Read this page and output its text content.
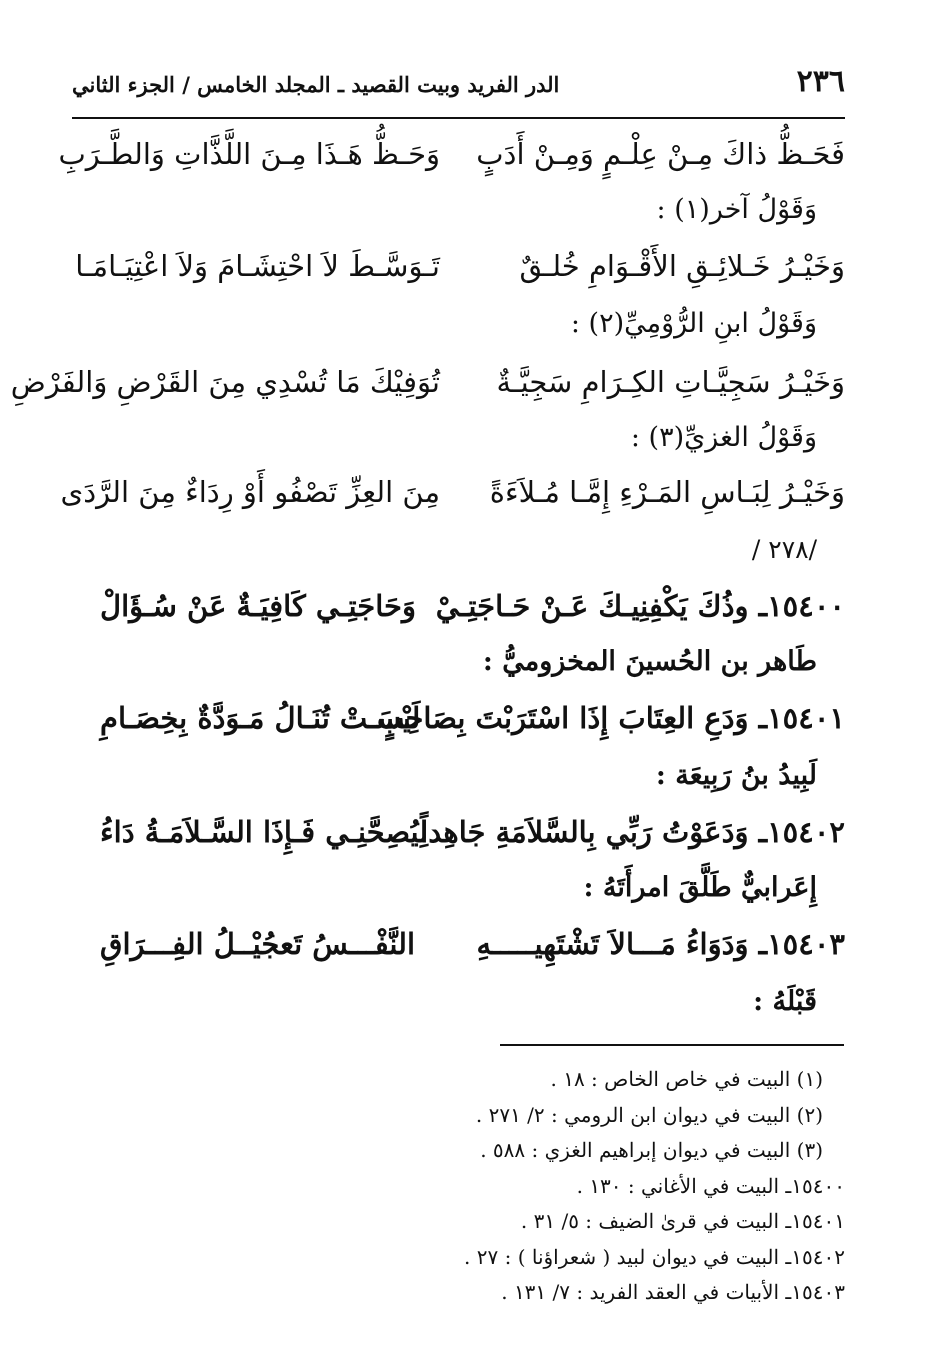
٢٣٦
الدر الفريد وبيت القصيد ـ المجلد الخامس / الجزء الثاني
فَحَـظُّ ذاكَ مِـنْ عِلْـمٍ وَمِـنْ أَدَبٍ
وَحَـظُّ هَـذَا مِـنَ اللَّذَّاتِ وَالطَّـرَبِ
وَقَوْلُ آخر(١) :
وَخَيْـرُ خَـلائِـقِ الأَقْـوَامِ خُلـقٌ
تَـوَسَّـطَ لاَ احْتِشَـامَ وَلاَ اعْتِيَـامَـا
وَقَوْلُ ابنِ الرُّوْمِيِّ(٢) :
وَخَيْـرُ سَجِيَّـاتِ الكِـرَامِ سَجِيَّـةٌ
تُوَفِيْكَ مَا تُسْدِي مِنَ القَرْضِ وَالفَرْضِ
وَقَوْلُ الغزيِّ(٣) :
وَخَيْـرُ لِبَـاسِ المَـرْءِ إِمَّـا مُـلاَءَةً
مِنَ العِزِّ تَصْفُو أَوْ رِدَاءٌ مِنَ الرَّدَى
/٢٧٨ /
١٥٤٠٠ـ وذُكَ يَكْفِنِيـكَ عَـنْ حَـاجَتِـيْ
وَحَاجَتِـي كَافِيَـةٌ عَنْ سُـؤَالْ
طَاهر بن الحُسينَ المخزوميُّ :
١٥٤٠١ـ وَدَعِ العِتَابَ إِذَا اسْتَرَبْتَ بِصَاحِبٍ
لَيْسَـتْ تُنَـالُ مَـوَدَّةٌ بِخِصَـامِ
لَبِيدُ بنُ رَبِيعَة :
١٥٤٠٢ـ وَدَعَوْتُ رَبِّي بِالسَّلاَمَةِ جَاهِداً
لِيُصِحَّنِـي فَـإِذَا السَّـلاَمَـةُ دَاءُ
إِعَرابيٌّ طَلَّقَ امرأَتَهُ :
١٥٤٠٣ـ وَدَوَاءُ مَـــالاَ تَشْتَهِيـــــهِ
النَّفْـــسُ تَعجُيْــلُ الفِـــرَاقِ
قَبْلَهُ :
(١) البيت في خاص الخاص : ١٨ .
(٢) البيت في ديوان ابن الرومي : ٢/ ٢٧١ .
(٣) البيت في ديوان إبراهيم الغزي : ٥٨٨ .
١٥٤٠٠ـ البيت في الأغاني : ١٣٠ .
١٥٤٠١ـ البيت في قرىٰ الضيف : ٥/ ٣١ .
١٥٤٠٢ـ البيت في ديوان لبيد ( شعراؤنا ) : ٢٧ .
١٥٤٠٣ـ الأبيات في العقد الفريد : ٧/ ١٣١ .
